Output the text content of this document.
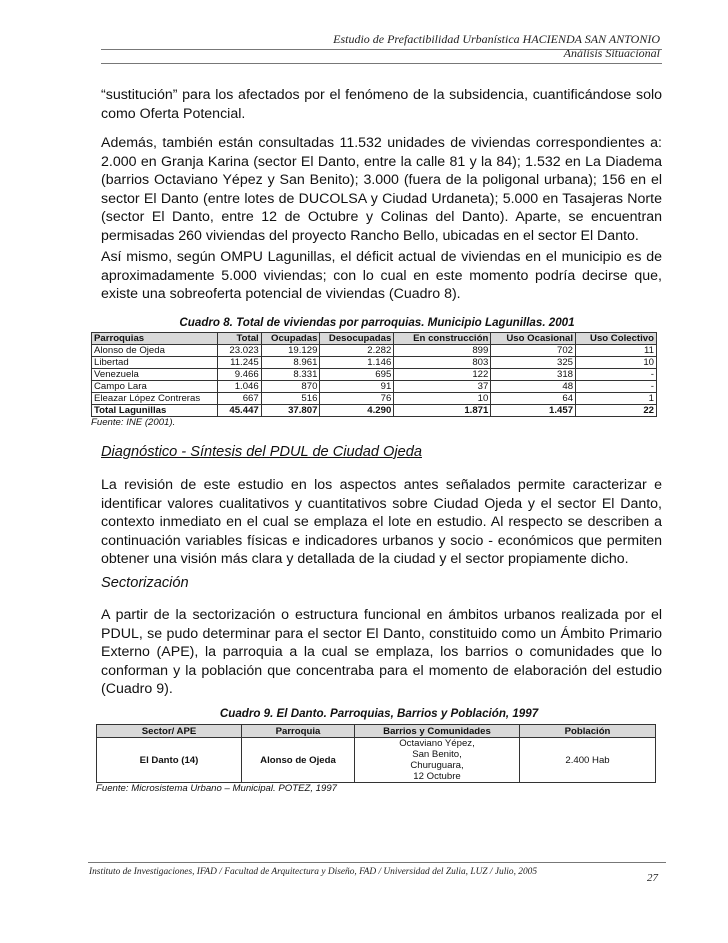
Estudio de Prefactibilidad Urbanística HACIENDA SAN ANTONIO
Análisis Situacional

“sustitución” para los afectados por el fenómeno de la subsidencia, cuantificándose solo como Oferta Potencial.

Además, también están consultadas 11.532 unidades de viviendas correspondientes a: 2.000 en Granja Karina (sector El Danto, entre la calle 81 y la 84); 1.532 en La Diadema (barrios Octaviano Yépez y San Benito); 3.000 (fuera de la poligonal urbana); 156 en el sector El Danto (entre lotes de DUCOLSA y Ciudad Urdaneta); 5.000 en Tasajeras Norte (sector El Danto, entre 12 de Octubre y Colinas del Danto). Aparte, se encuentran permisadas 260 viviendas del proyecto Rancho Bello, ubicadas en el sector El Danto.

Así mismo, según OMPU Lagunillas, el déficit actual de viviendas en el municipio es de aproximadamente 5.000 viviendas; con lo cual en este momento podría decirse que, existe una sobreoferta potencial de viviendas (Cuadro 8).

Cuadro 8. Total de viviendas por parroquias. Municipio Lagunillas. 2001
Parroquias	Total	Ocupadas	Desocupadas	En construcción	Uso Ocasional	Uso Colectivo
Alonso de Ojeda	23.023	19.129	2.282	899	702	11
Libertad	11.245	8.961	1.146	803	325	10
Venezuela	9.466	8.331	695	122	318	-
Campo Lara	1.046	870	91	37	48	-
Eleazar López Contreras	667	516	76	10	64	1
Total Lagunillas	45.447	37.807	4.290	1.871	1.457	22
Fuente: INE (2001).
Diagnóstico - Síntesis del PDUL de Ciudad Ojeda

La revisión de este estudio en los aspectos antes señalados permite caracterizar e identificar valores cualitativos y cuantitativos sobre Ciudad Ojeda y el sector El Danto, contexto inmediato en el cual se emplaza el lote en estudio. Al respecto se describen a continuación variables físicas e indicadores urbanos y socio - económicos que permiten obtener una visión más clara y detallada de la ciudad y el sector propiamente dicho.

Sectorización

A partir de la sectorización o estructura funcional en ámbitos urbanos realizada por el PDUL, se pudo determinar para el sector El Danto, constituido como un Ámbito Primario Externo (APE), la parroquia a la cual se emplaza, los barrios o comunidades que lo conforman y la población que concentraba para el momento de elaboración del estudio (Cuadro 9).

Cuadro 9. El Danto. Parroquias, Barrios y Población, 1997
Sector/ APE	Parroquia	Barrios y Comunidades	Población
El Danto (14)	Alonso de Ojeda	Octaviano Yépez,
San Benito,
Churuguara,
12 Octubre	2.400 Hab
Fuente: Microsistema Urbano – Municipal. POTEZ, 1997
Instituto de Investigaciones, IFAD / Facultad de Arquitectura y Diseño, FAD / Universidad del Zulia, LUZ / Julio, 2005	27
